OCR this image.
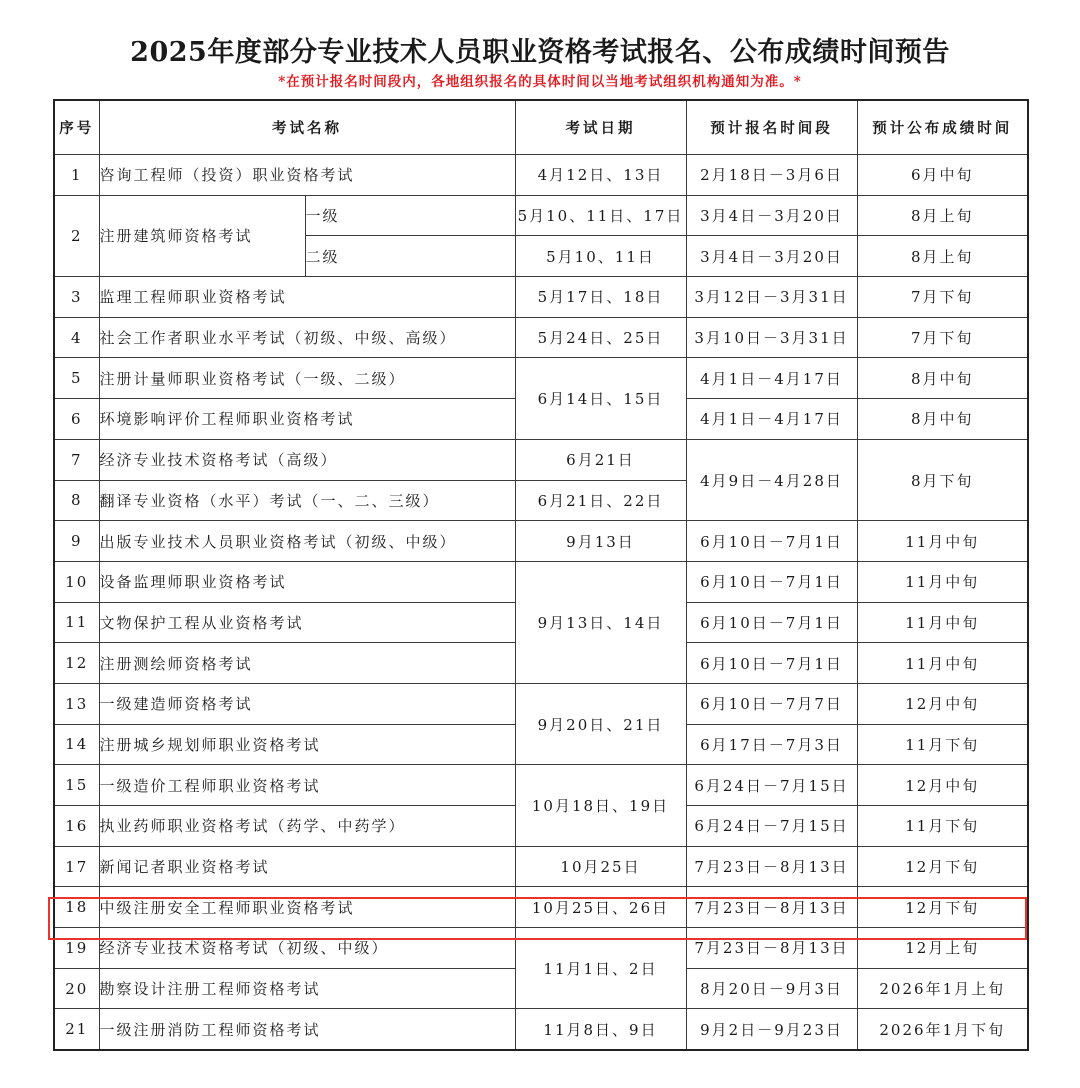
2025年度部分专业技术人员职业资格考试报名、公布成绩时间预告
*在预计报名时间段内，各地组织报名的具体时间以当地考试组织机构通知为准。*
序号	考试名称		考试日期	预计报名时间段	预计公布成绩时间
1	咨询工程师（投资）职业资格考试		4月12日、13日	2月18日－3月6日	6月中旬
2	注册建筑师资格考试	一级	5月10、11日、17日	3月4日－3月20日	8月上旬
		二级	5月10、11日	3月4日－3月20日	8月上旬
3	监理工程师职业资格考试		5月17日、18日	3月12日－3月31日	7月下旬
4	社会工作者职业水平考试（初级、中级、高级）		5月24日、25日	3月10日－3月31日	7月下旬
5	注册计量师职业资格考试（一级、二级）		6月14日、15日	4月1日－4月17日	8月中旬
6	环境影响评价工程师职业资格考试			4月1日－4月17日	8月中旬
7	经济专业技术资格考试（高级）		6月21日	4月9日－4月28日	8月下旬
8	翻译专业资格（水平）考试（一、二、三级）		6月21日、22日		
9	出版专业技术人员职业资格考试（初级、中级）		9月13日	6月10日－7月1日	11月中旬
10	设备监理师职业资格考试		9月13日、14日	6月10日－7月1日	11月中旬
11	文物保护工程从业资格考试			6月10日－7月1日	11月中旬
12	注册测绘师资格考试			6月10日－7月1日	11月中旬
13	一级建造师资格考试		9月20日、21日	6月10日－7月7日	12月中旬
14	注册城乡规划师职业资格考试			6月17日－7月3日	11月下旬
15	一级造价工程师职业资格考试		10月18日、19日	6月24日－7月15日	12月中旬
16	执业药师职业资格考试（药学、中药学）			6月24日－7月15日	11月下旬
17	新闻记者职业资格考试		10月25日	7月23日－8月13日	12月下旬
18	中级注册安全工程师职业资格考试		10月25日、26日	7月23日－8月13日	12月下旬
19	经济专业技术资格考试（初级、中级）		11月1日、2日	7月23日－8月13日	12月上旬
20	勘察设计注册工程师资格考试			8月20日－9月3日	2026年1月上旬
21	一级注册消防工程师资格考试		11月8日、9日	9月2日－9月23日	2026年1月下旬
